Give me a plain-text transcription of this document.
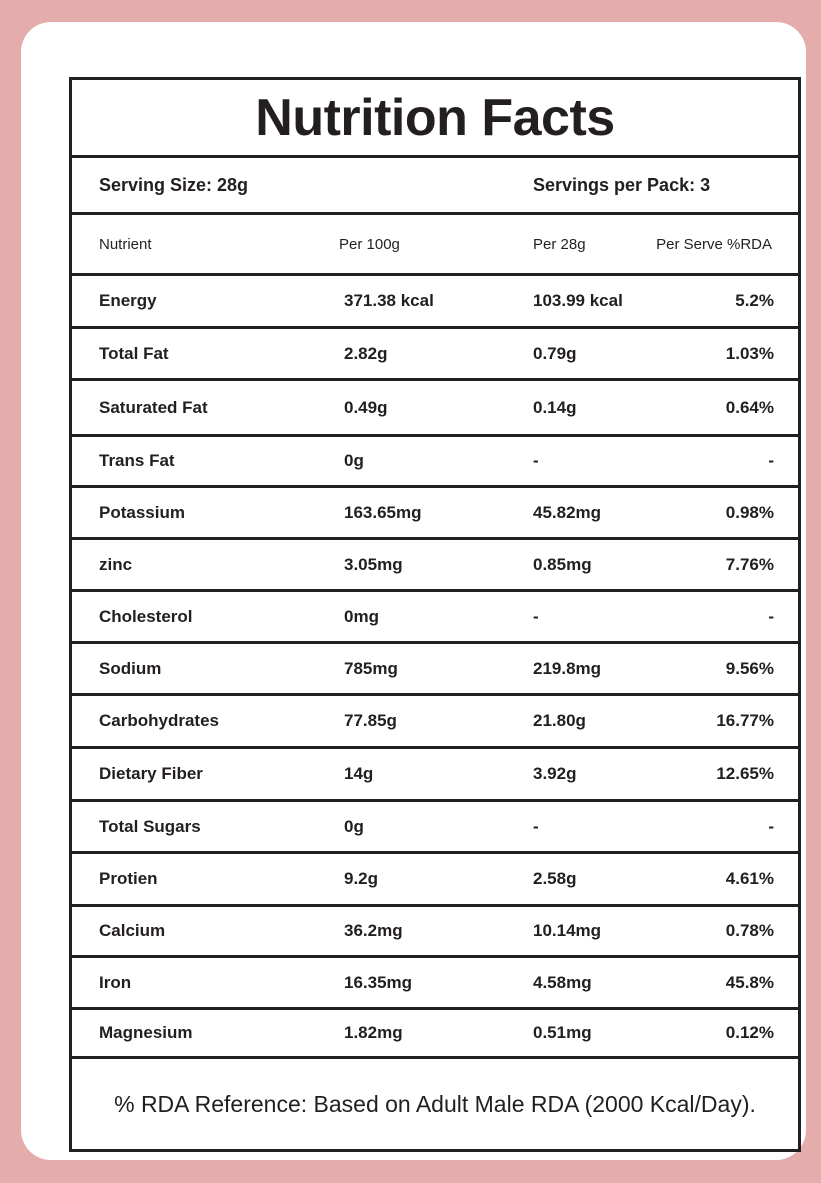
Nutrition Facts
Serving Size: 28g	Servings per Pack: 3
Nutrient	Per 100g	Per 28g	Per Serve %RDA
Energy	371.38 kcal	103.99 kcal	5.2%
Total Fat	2.82g	0.79g	1.03%
Saturated Fat	0.49g	0.14g	0.64%
Trans Fat	0g	-	-
Potassium	163.65mg	45.82mg	0.98%
zinc	3.05mg	0.85mg	7.76%
Cholesterol	0mg	-	-
Sodium	785mg	219.8mg	9.56%
Carbohydrates	77.85g	21.80g	16.77%
Dietary Fiber	14g	3.92g	12.65%
Total Sugars	0g	-	-
Protien	9.2g	2.58g	4.61%
Calcium	36.2mg	10.14mg	0.78%
Iron	16.35mg	4.58mg	45.8%
Magnesium	1.82mg	0.51mg	0.12%
% RDA Reference: Based on Adult Male RDA (2000 Kcal/Day).
